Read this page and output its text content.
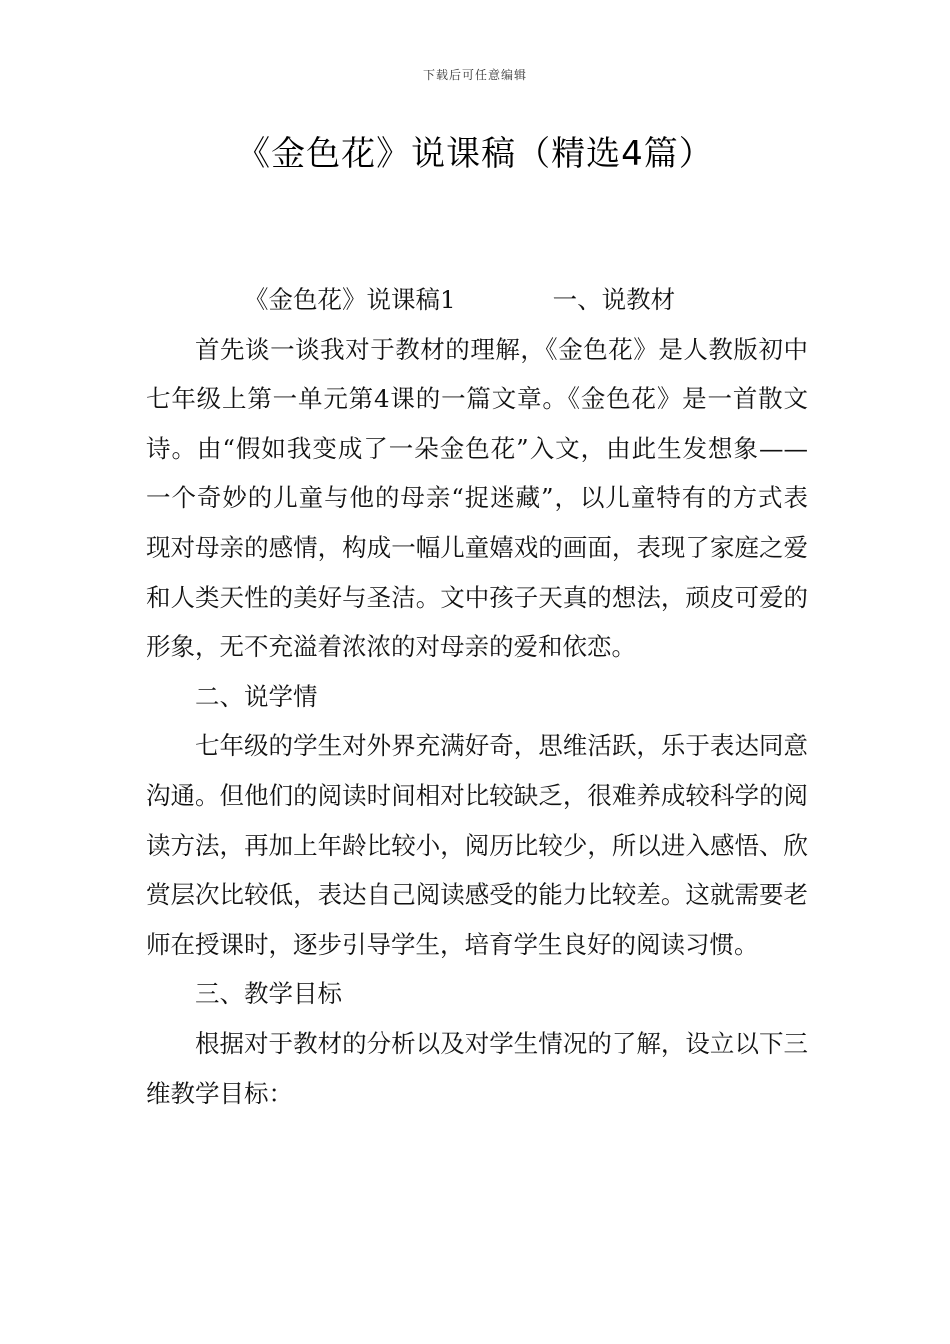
下载后可任意编辑
《金色花》说课稿（精选4篇）

《金色花》说课稿1	一、说教材

首先谈一谈我对于教材的理解，《金色花》是人教版初中七年级上第一单元第4课的一篇文章。《金色花》是一首散文诗。由“假如我变成了一朵金色花”入文，由此生发想象——一个奇妙的儿童与他的母亲“捉迷藏”，以儿童特有的方式表现对母亲的感情，构成一幅儿童嬉戏的画面，表现了家庭之爱和人类天性的美好与圣洁。文中孩子天真的想法，顽皮可爱的形象，无不充溢着浓浓的对母亲的爱和依恋。

二、说学情

七年级的学生对外界充满好奇，思维活跃，乐于表达同意沟通。但他们的阅读时间相对比较缺乏，很难养成较科学的阅读方法，再加上年龄比较小，阅历比较少，所以进入感悟、欣赏层次比较低，表达自己阅读感受的能力比较差。这就需要老师在授课时，逐步引导学生，培育学生良好的阅读习惯。

三、教学目标

根据对于教材的分析以及对学生情况的了解，设立以下三维教学目标：
